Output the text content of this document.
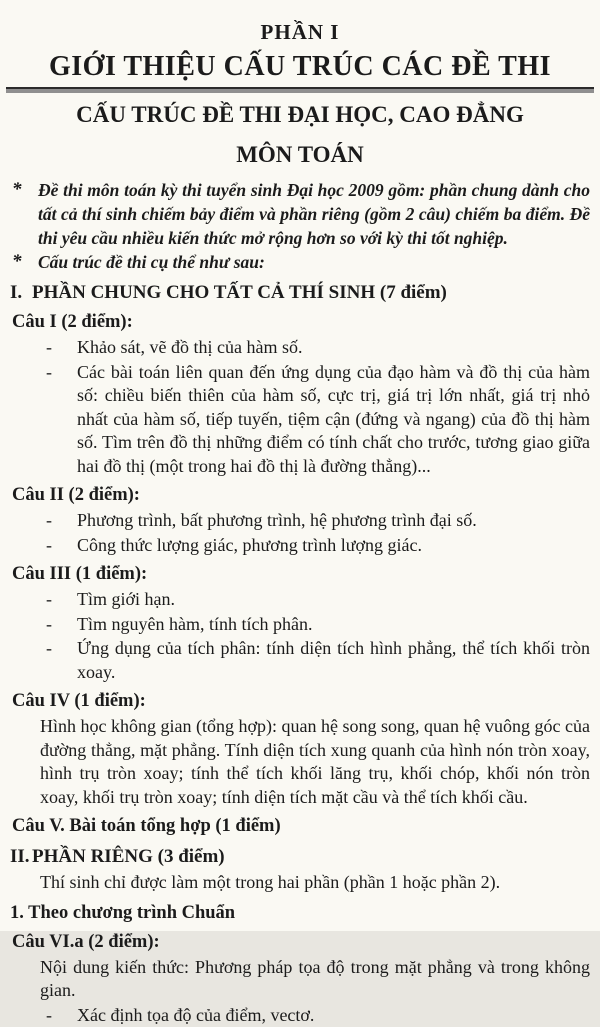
PHẦN I
GIỚI THIỆU CẤU TRÚC CÁC ĐỀ THI
CẤU TRÚC ĐỀ THI ĐẠI HỌC, CAO ĐẲNG
MÔN TOÁN
* Đề thi môn toán kỳ thi tuyển sinh Đại học 2009 gồm: phần chung dành cho tất cả thí sinh chiếm bảy điểm và phần riêng (gồm 2 câu) chiếm ba điểm. Đề thi yêu cầu nhiều kiến thức mở rộng hơn so với kỳ thi tốt nghiệp.

* Cấu trúc đề thi cụ thể như sau:

I. PHẦN CHUNG CHO TẤT CẢ THÍ SINH (7 điểm)
Câu I (2 điểm):
-	Khảo sát, vẽ đồ thị của hàm số.

-	Các bài toán liên quan đến ứng dụng của đạo hàm và đồ thị của hàm số: chiều biến thiên của hàm số, cực trị, giá trị lớn nhất, giá trị nhỏ nhất của hàm số, tiếp tuyến, tiệm cận (đứng và ngang) của đồ thị hàm số. Tìm trên đồ thị những điểm có tính chất cho trước, tương giao giữa hai đồ thị (một trong hai đồ thị là đường thẳng)...

Câu II (2 điểm):
-	Phương trình, bất phương trình, hệ phương trình đại số.

-	Công thức lượng giác, phương trình lượng giác.

Câu III (1 điểm):
-	Tìm giới hạn.

-	Tìm nguyên hàm, tính tích phân.

-	Ứng dụng của tích phân: tính diện tích hình phẳng, thể tích khối tròn xoay.

Câu IV (1 điểm):

Hình học không gian (tổng hợp): quan hệ song song, quan hệ vuông góc của đường thẳng, mặt phẳng. Tính diện tích xung quanh của hình nón tròn xoay, hình trụ tròn xoay; tính thể tích khối lăng trụ, khối chóp, khối nón tròn xoay, khối trụ tròn xoay; tính diện tích mặt cầu và thể tích khối cầu.

Câu V. Bài toán tổng hợp (1 điểm)
II. PHẦN RIÊNG (3 điểm)

Thí sinh chỉ được làm một trong hai phần (phần 1 hoặc phần 2).

1. Theo chương trình Chuẩn
Câu VI.a (2 điểm):

Nội dung kiến thức: Phương pháp tọa độ trong mặt phẳng và trong không gian.

-	Xác định tọa độ của điểm, vectơ.
